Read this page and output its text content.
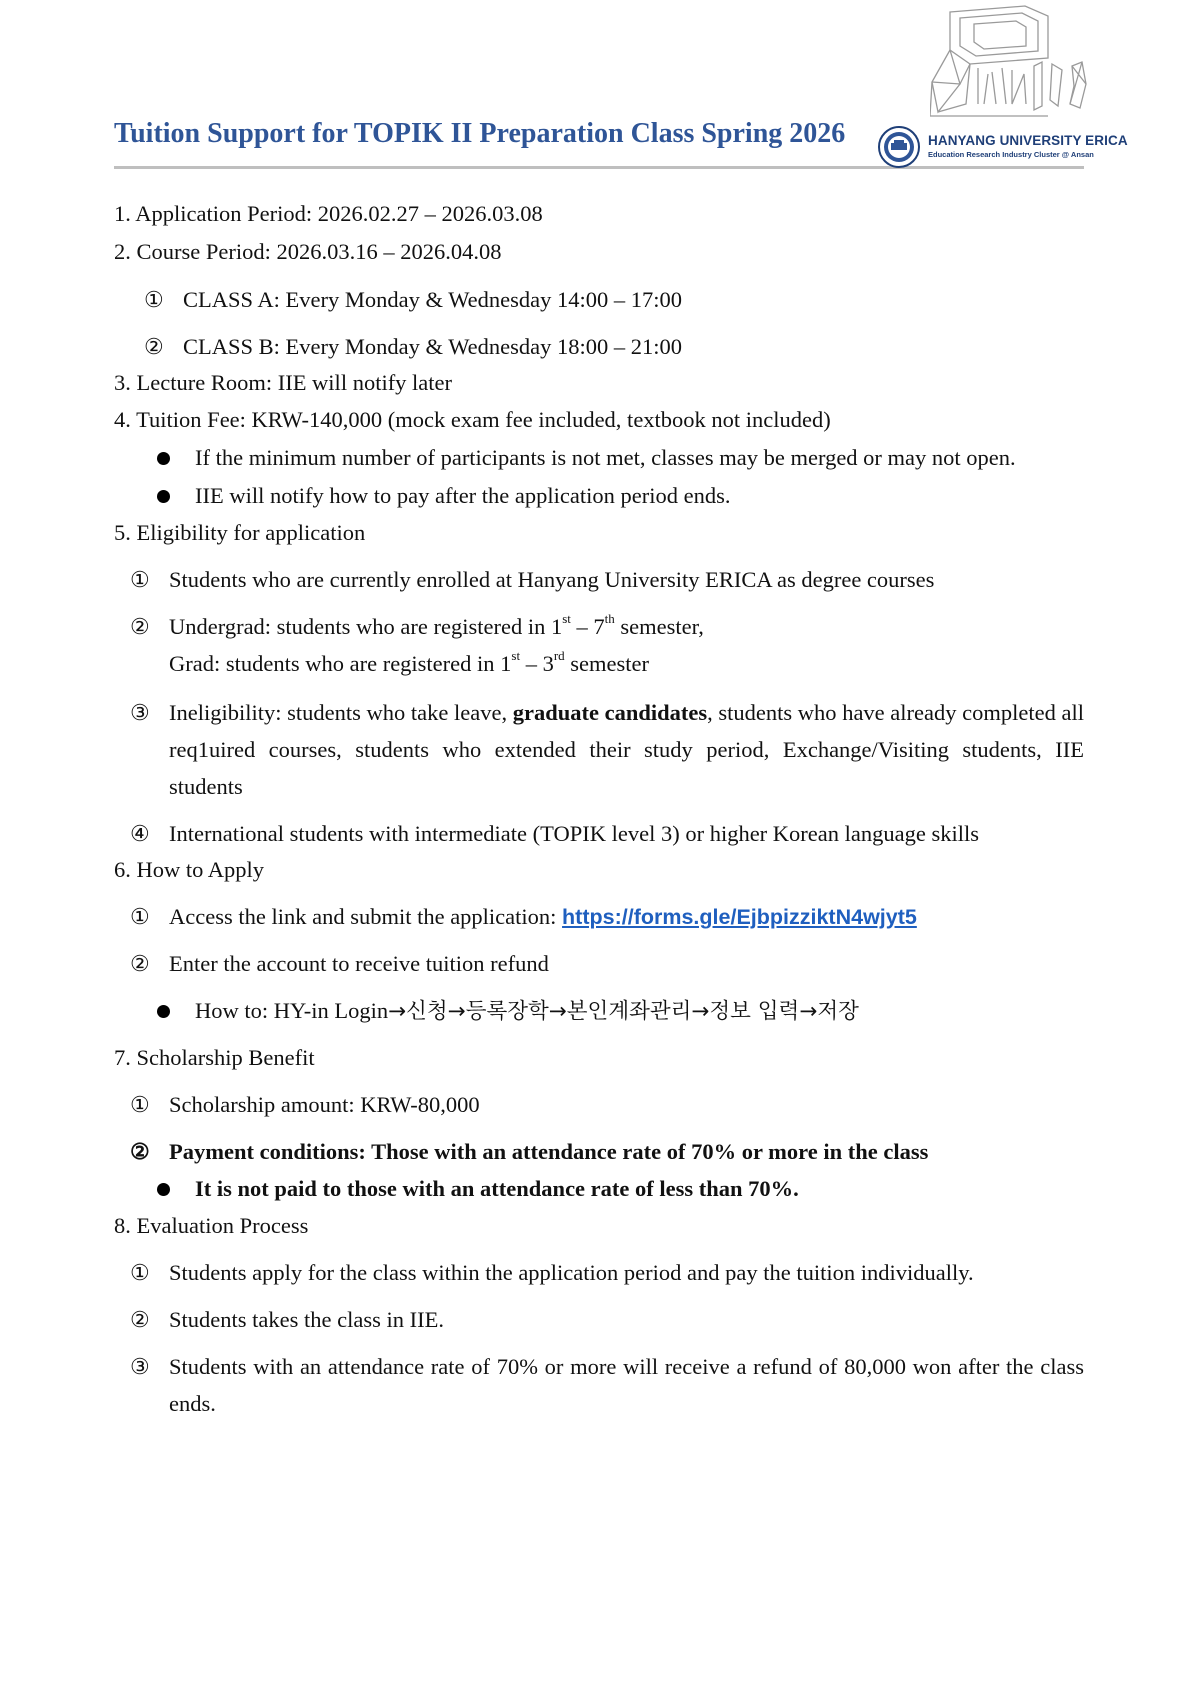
Tuition Support for TOPIK II Preparation Class Spring 2026	HANYANG UNIVERSITY ERICA
Education Research Industry Cluster @ Ansan
1. Application Period: 2026.02.27 – 2026.03.08
2. Course Period: 2026.03.16 – 2026.04.08
① CLASS A: Every Monday & Wednesday 14:00 – 17:00
② CLASS B: Every Monday & Wednesday 18:00 – 21:00
3. Lecture Room: IIE will notify later
4. Tuition Fee: KRW-140,000 (mock exam fee included, textbook not included)
If the minimum number of participants is not met, classes may be merged or may not open.
IIE will notify how to pay after the application period ends.
5. Eligibility for application
① Students who are currently enrolled at Hanyang University ERICA as degree courses
② Undergrad: students who are registered in 1st – 7th semester,
Grad: students who are registered in 1st – 3rd semester
③ Ineligibility: students who take leave, graduate candidates, students who have already completed all req1uired courses, students who extended their study period, Exchange/Visiting students, IIE students
④ International students with intermediate (TOPIK level 3) or higher Korean language skills
6. How to Apply
① Access the link and submit the application: https://forms.gle/EjbpizziktN4wjyt5
② Enter the account to receive tuition refund
How to: HY-in Login→신청→등록장학→본인계좌관리→정보 입력→저장
7. Scholarship Benefit
① Scholarship amount: KRW-80,000
② Payment conditions: Those with an attendance rate of 70% or more in the class
It is not paid to those with an attendance rate of less than 70%.
8. Evaluation Process
① Students apply for the class within the application period and pay the tuition individually.
② Students takes the class in IIE.
③ Students with an attendance rate of 70% or more will receive a refund of 80,000 won after the class ends.
